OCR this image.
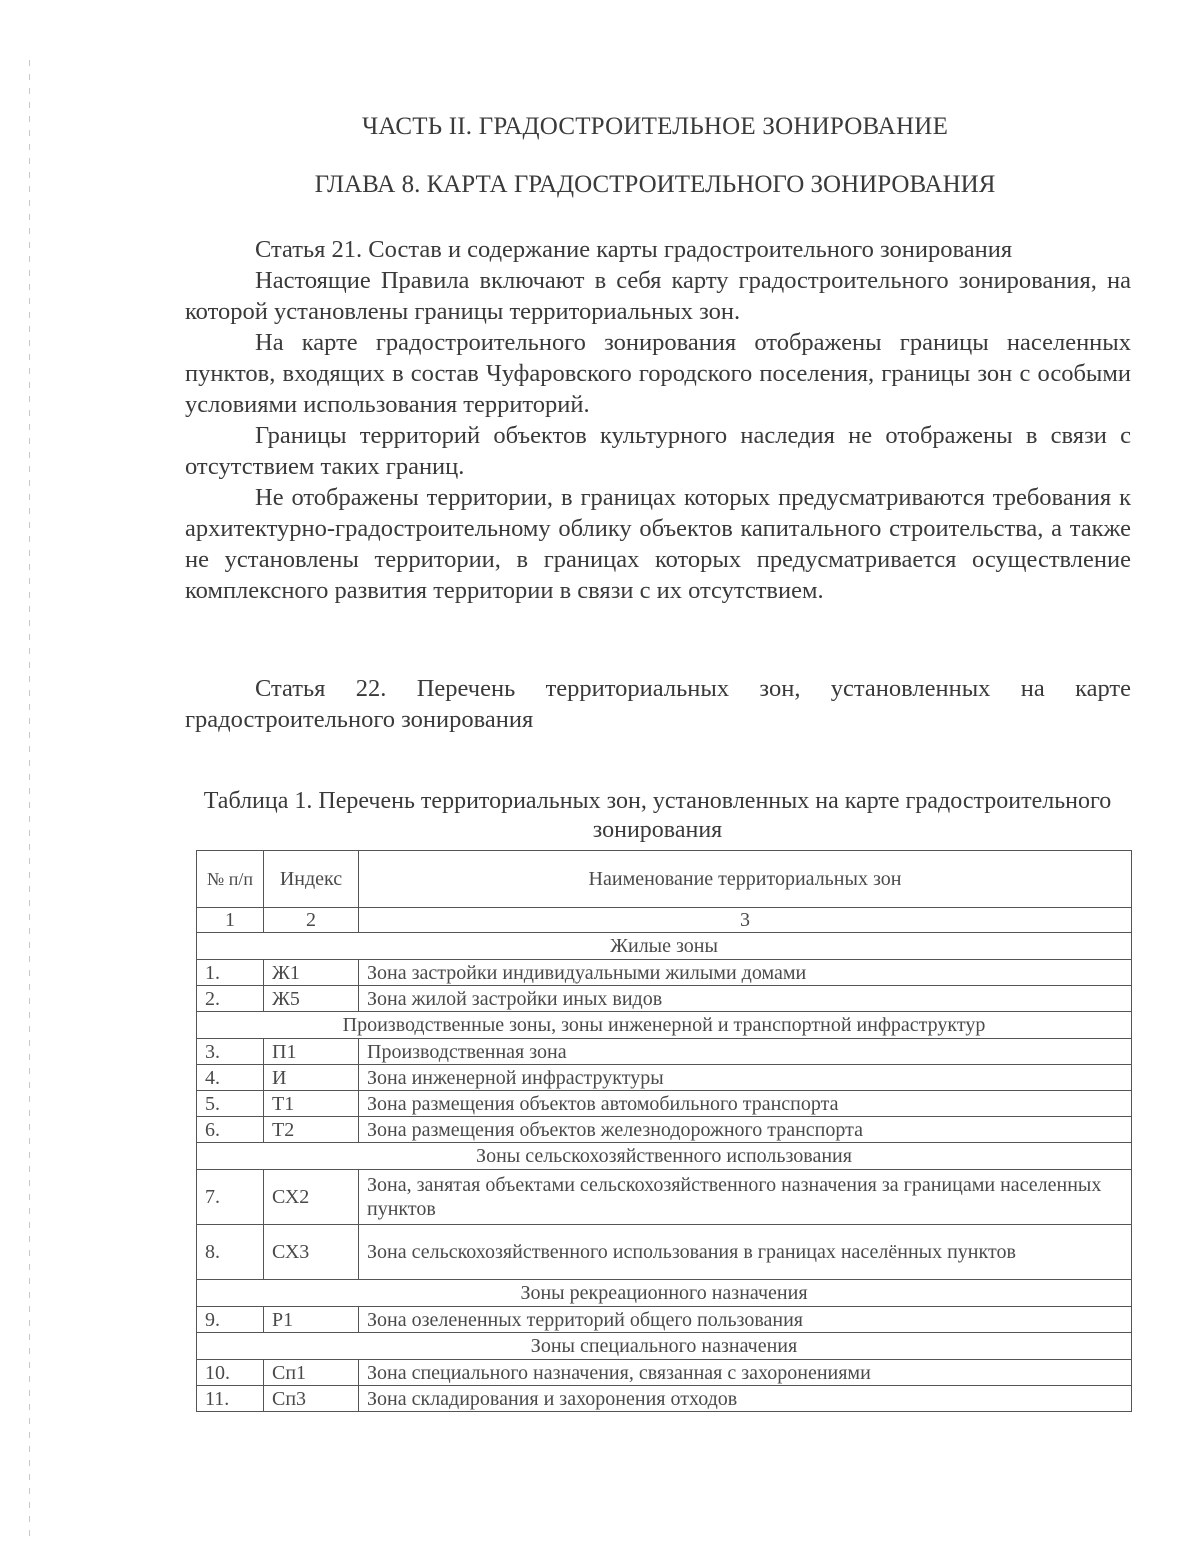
ЧАСТЬ II. ГРАДОСТРОИТЕЛЬНОЕ ЗОНИРОВАНИЕ
ГЛАВА 8. КАРТА ГРАДОСТРОИТЕЛЬНОГО ЗОНИРОВАНИЯ

Статья 21. Состав и содержание карты градостроительного зонирования

Настоящие Правила включают в себя карту градостроительного зонирования, на которой установлены границы территориальных зон.

На карте градостроительного зонирования отображены границы населенных пунктов, входящих в состав Чуфаровского городского поселения, границы зон с особыми условиями использования территорий.

Границы территорий объектов культурного наследия не отображены в связи с отсутствием таких границ.

Не отображены территории, в границах которых предусматриваются требования к архитектурно-градостроительному облику объектов капитального строительства, а также не установлены территории, в границах которых предусматривается осуществление комплексного развития территории в связи с их отсутствием.

Статья 22. Перечень территориальных зон, установленных на карте градостроительного зонирования
Таблица 1. Перечень территориальных зон, установленных на карте градостроительного зонирования
№ п/п	Индекс	Наименование территориальных зон
1	2	3
Жилые зоны		
1.	Ж1	Зона застройки индивидуальными жилыми домами
2.	Ж5	Зона жилой застройки иных видов
Производственные зоны, зоны инженерной и транспортной инфраструктур		
3.	П1	Производственная зона
4.	И	Зона инженерной инфраструктуры
5.	Т1	Зона размещения объектов автомобильного транспорта
6.	Т2	Зона размещения объектов железнодорожного транспорта
Зоны сельскохозяйственного использования		
7.	СХ2	Зона, занятая объектами сельскохозяйственного назначения за границами населенных пунктов
8.	СХ3	Зона сельскохозяйственного использования в границах населённых пунктов
Зоны рекреационного назначения		
9.	Р1	Зона озелененных территорий общего пользования
Зоны специального назначения		
10.	Сп1	Зона специального назначения, связанная с захоронениями
11.	Сп3	Зона складирования и захоронения отходов
